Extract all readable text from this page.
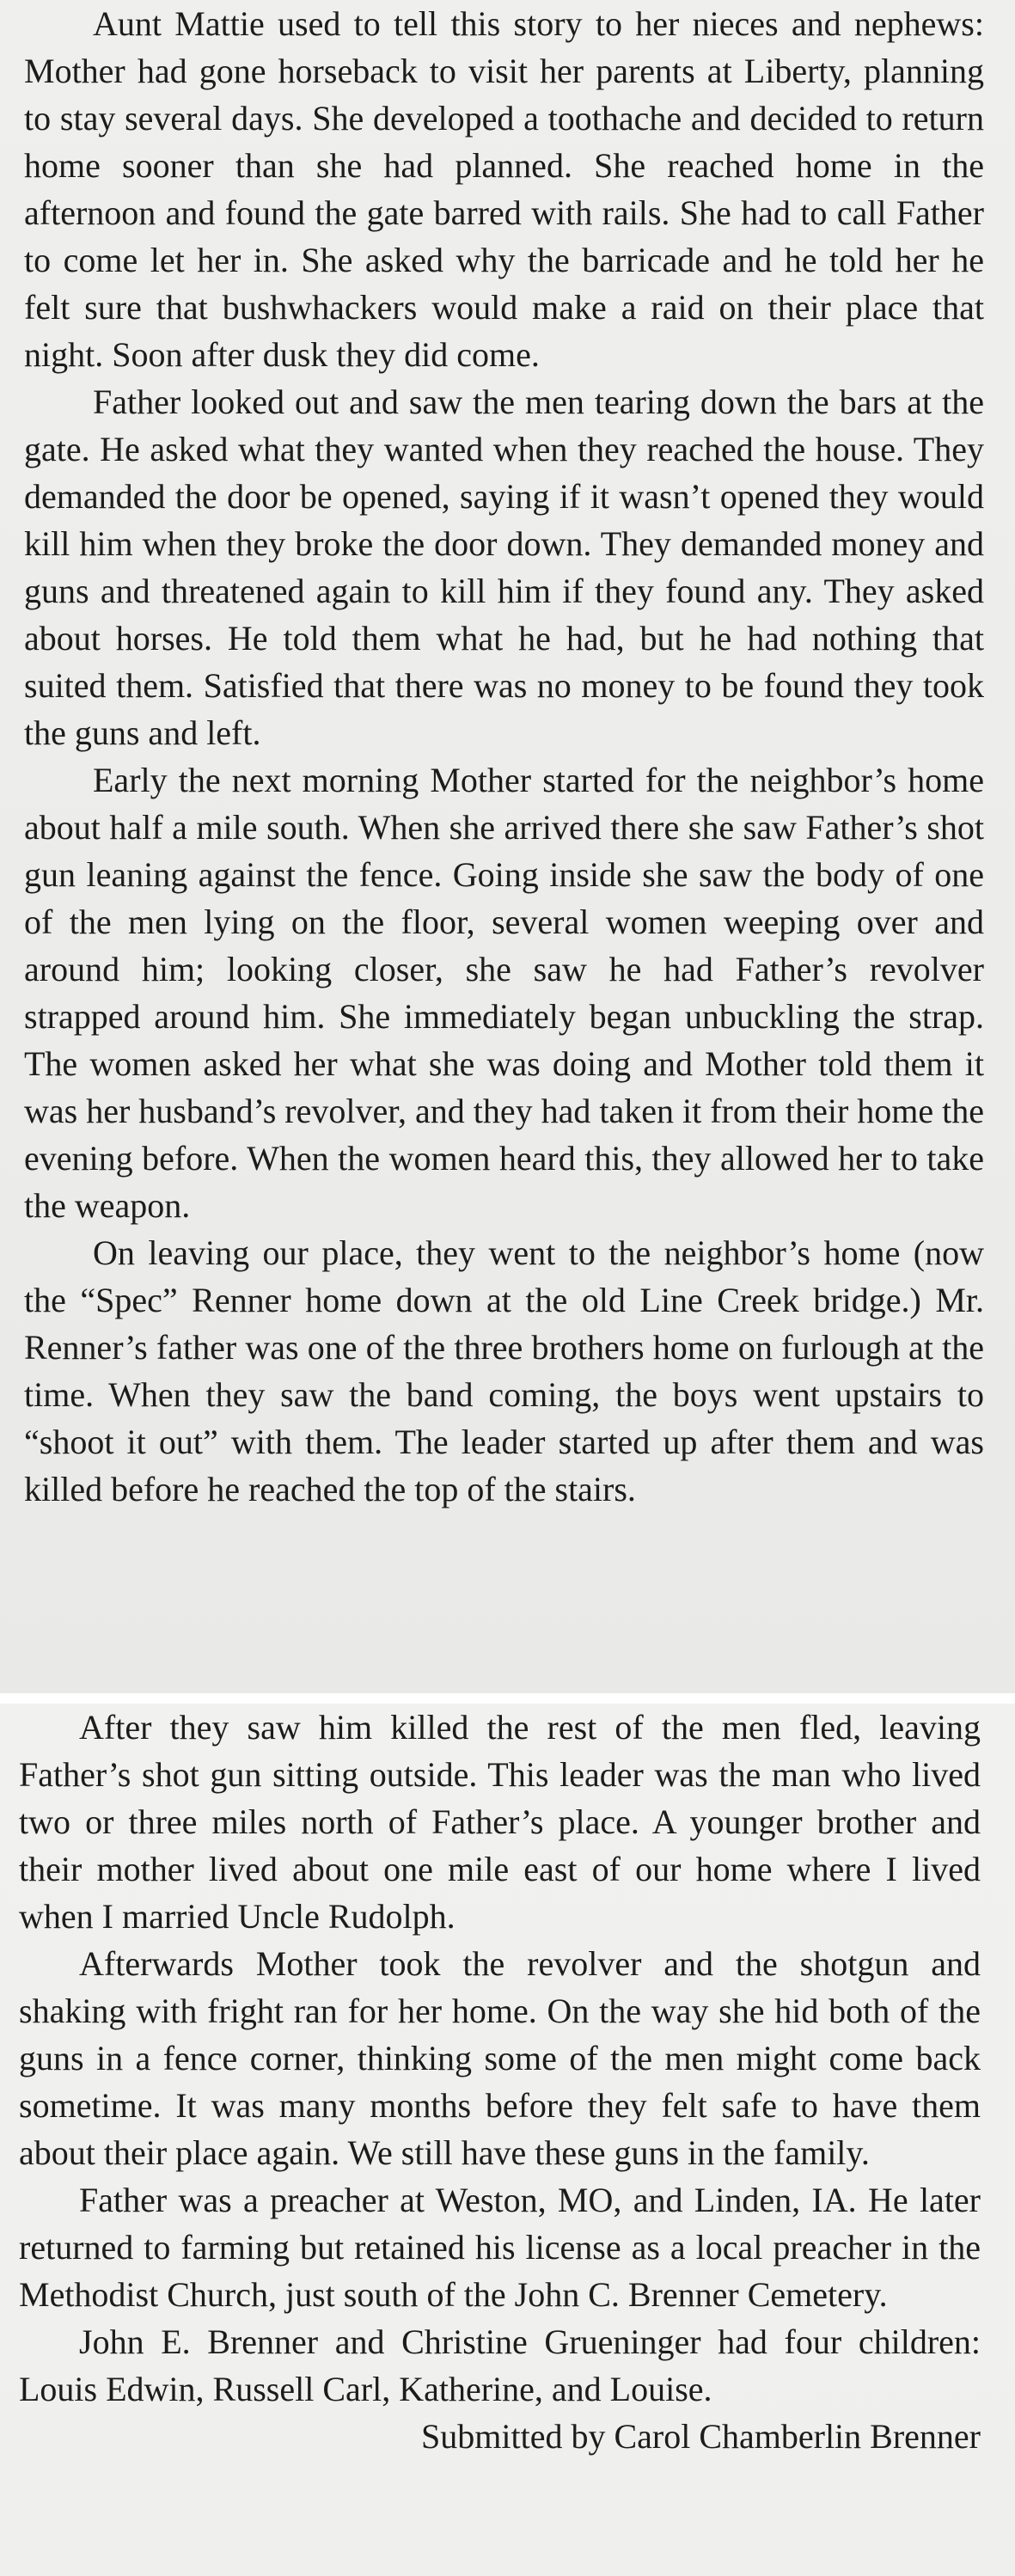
Aunt Mattie used to tell this story to her nieces and nephews: Mother had gone horseback to visit her parents at Liberty, planning to stay several days. She developed a toothache and decided to return home sooner than she had planned. She reached home in the afternoon and found the gate barred with rails. She had to call Father to come let her in. She asked why the barricade and he told her he felt sure that bushwhackers would make a raid on their place that night. Soon after dusk they did come.

Father looked out and saw the men tearing down the bars at the gate. He asked what they wanted when they reached the house. They demanded the door be opened, saying if it wasn’t opened they would kill him when they broke the door down. They demanded money and guns and threatened again to kill him if they found any. They asked about horses. He told them what he had, but he had nothing that suited them. Satisfied that there was no money to be found they took the guns and left.

Early the next morning Mother started for the neighbor’s home about half a mile south. When she arrived there she saw Father’s shot gun leaning against the fence. Going inside she saw the body of one of the men lying on the floor, several women weeping over and around him; looking closer, she saw he had Father’s revolver strapped around him. She immediately began unbuckling the strap. The women asked her what she was doing and Mother told them it was her husband’s revolver, and they had taken it from their home the evening before. When the women heard this, they allowed her to take the weapon.

On leaving our place, they went to the neighbor’s home (now the “Spec” Renner home down at the old Line Creek bridge.) Mr. Renner’s father was one of the three brothers home on furlough at the time. When they saw the band coming, the boys went upstairs to “shoot it out” with them. The leader started up after them and was killed before he reached the top of the stairs.

After they saw him killed the rest of the men fled, leaving Father’s shot gun sitting outside. This leader was the man who lived two or three miles north of Father’s place. A younger brother and their mother lived about one mile east of our home where I lived when I married Uncle Rudolph.

Afterwards Mother took the revolver and the shotgun and shaking with fright ran for her home. On the way she hid both of the guns in a fence corner, thinking some of the men might come back sometime. It was many months before they felt safe to have them about their place again. We still have these guns in the family.

Father was a preacher at Weston, MO, and Linden, IA. He later returned to farming but retained his license as a local preacher in the Methodist Church, just south of the John C. Brenner Cemetery.

John E. Brenner and Christine Grueninger had four children: Louis Edwin, Russell Carl, Katherine, and Louise.

Submitted by Carol Chamberlin Brenner
